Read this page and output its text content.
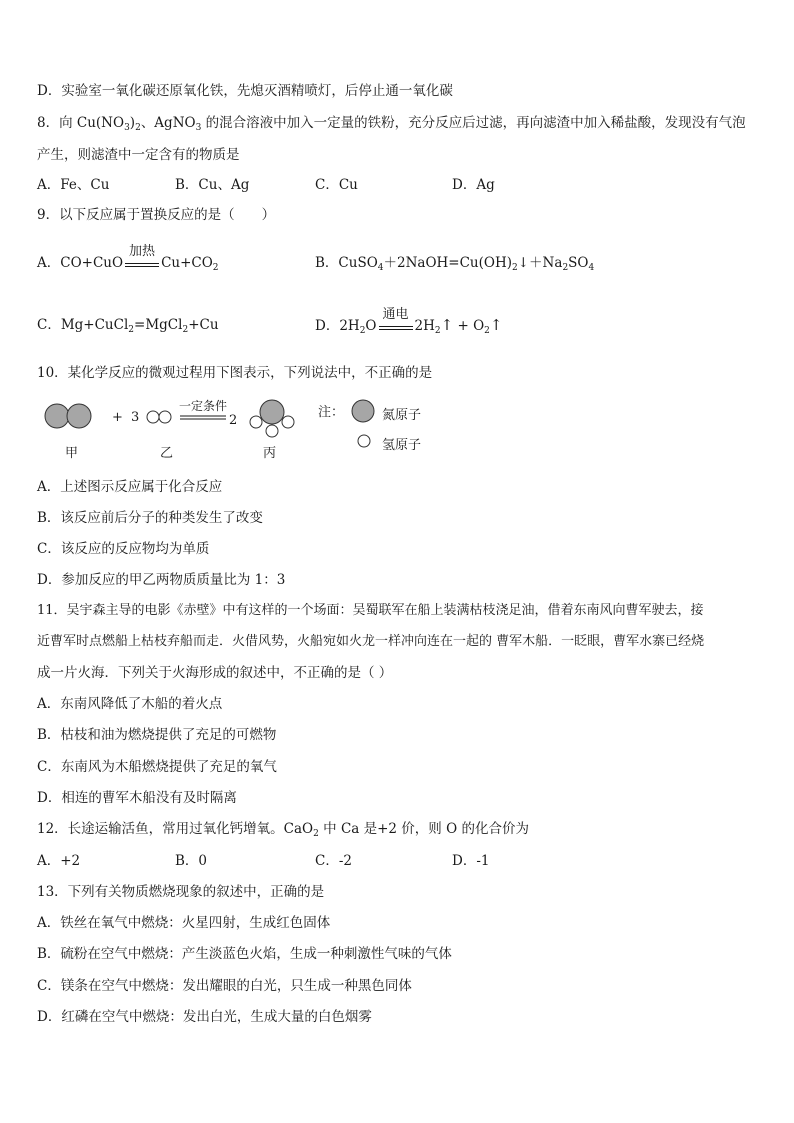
D．实验室一氧化碳还原氧化铁，先熄灭酒精喷灯，后停止通一氧化碳
8．向 $Cu(NO_3)_2$、AgNO$_3$ 的混合溶液中加入一定量的铁粉，充分反应后过滤，再向滤渣中加入稀盐酸，发现没有气泡
产生，则滤渣中一定含有的物质是
A．Fe、Cu	B．Cu、Ag	C．Cu	D．Ag
9．以下反应属于置换反应的是（　　）
A．CO+CuO
加热
$Cu+CO_2$	B．$CuSO_4+2NaOH=Cu(OH)_2↓+Na_2SO_4$
C．Mg+CuCl$_2$=MgCl$_2$+Cu	D．$2H_2O$
通电
$2H_2↑$ + $O_2↑$
10．某化学反应的微观过程用下图表示，下列说法中，不正确的是
+ 3
一定条件
2
甲	乙	丙
注：	氮原子
氢原子
A．上述图示反应属于化合反应
B．该反应前后分子的种类发生了改变
C．该反应的反应物均为单质
D．参加反应的甲乙两物质质量比为 1：3
11．吴宇森主导的电影《赤壁》中有这样的一个场面：吴蜀联军在船上装满枯枝浇足油，借着东南风向曹军驶去，接
近曹军时点燃船上枯枝弃船而走．火借风势，火船宛如火龙一样冲向连在一起的 曹军木船．一眨眼，曹军水寨已经烧
成一片火海．下列关于火海形成的叙述中，不正确的是（ ）
A．东南风降低了木船的着火点
B．枯枝和油为燃烧提供了充足的可燃物
C．东南风为木船燃烧提供了充足的氧气
D．相连的曹军木船没有及时隔离
12．长途运输活鱼，常用过氧化钙增氧。CaO$_2$ 中 Ca 是+2 价，则 O 的化合价为
A．+2	B．0	C．-2	D．-1
13．下列有关物质燃烧现象的叙述中，正确的是
A．铁丝在氧气中燃烧：火星四射，生成红色固体
B．硫粉在空气中燃烧：产生淡蓝色火焰，生成一种刺激性气味的气体
C．镁条在空气中燃烧：发出耀眼的白光，只生成一种黑色同体
D．红磷在空气中燃烧：发出白光，生成大量的白色烟雾
